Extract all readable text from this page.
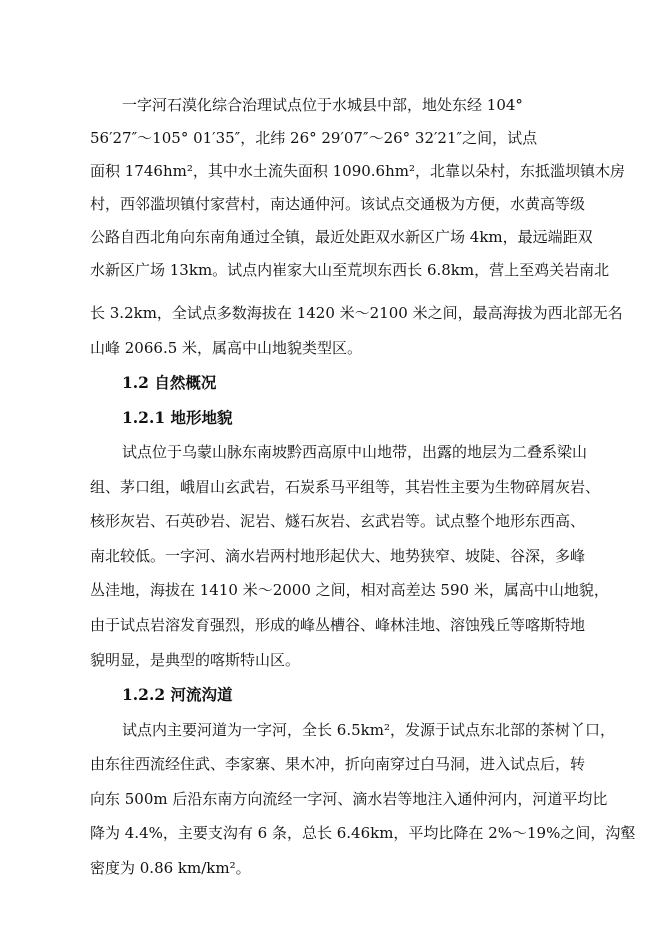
一字河石漠化综合治理试点位于水城县中部，地处东经 104°
56′27″～105° 01′35″，北纬 26° 29′07″～26° 32′21″之间，试点
面积 1746hm²，其中水土流失面积 1090.6hm²，北靠以朵村，东抵滥坝镇木房
村，西邻滥坝镇付家营村，南达通仲河。该试点交通极为方便，水黄高等级
公路自西北角向东南角通过全镇，最近处距双水新区广场 4km，最远端距双
水新区广场 13km。试点内崔家大山至荒坝东西长 6.8km，营上至鸡关岩南北
长 3.2km，全试点多数海拔在 1420 米～2100 米之间，最高海拔为西北部无名
山峰 2066.5 米，属高中山地貌类型区。
1.2 自然概况
1.2.1 地形地貌
试点位于乌蒙山脉东南坡黔西高原中山地带，出露的地层为二叠系梁山
组、茅口组，峨眉山玄武岩，石炭系马平组等，其岩性主要为生物碎屑灰岩、
核形灰岩、石英砂岩、泥岩、燧石灰岩、玄武岩等。试点整个地形东西高、
南北较低。一字河、滴水岩两村地形起伏大、地势狭窄、坡陡、谷深，多峰
丛洼地，海拔在 1410 米～2000 之间，相对高差达 590 米，属高中山地貌，
由于试点岩溶发育强烈，形成的峰丛槽谷、峰林洼地、溶蚀残丘等喀斯特地
貌明显，是典型的喀斯特山区。
1.2.2 河流沟道
试点内主要河道为一字河，全长 6.5km²，发源于试点东北部的茶树丫口，
由东往西流经住武、李家寨、果木冲，折向南穿过白马洞，进入试点后，转
向东 500m 后沿东南方向流经一字河、滴水岩等地注入通仲河内，河道平均比
降为 4.4%，主要支沟有 6 条，总长 6.46km，平均比降在 2%～19%之间，沟壑
密度为 0.86 km/km²。
